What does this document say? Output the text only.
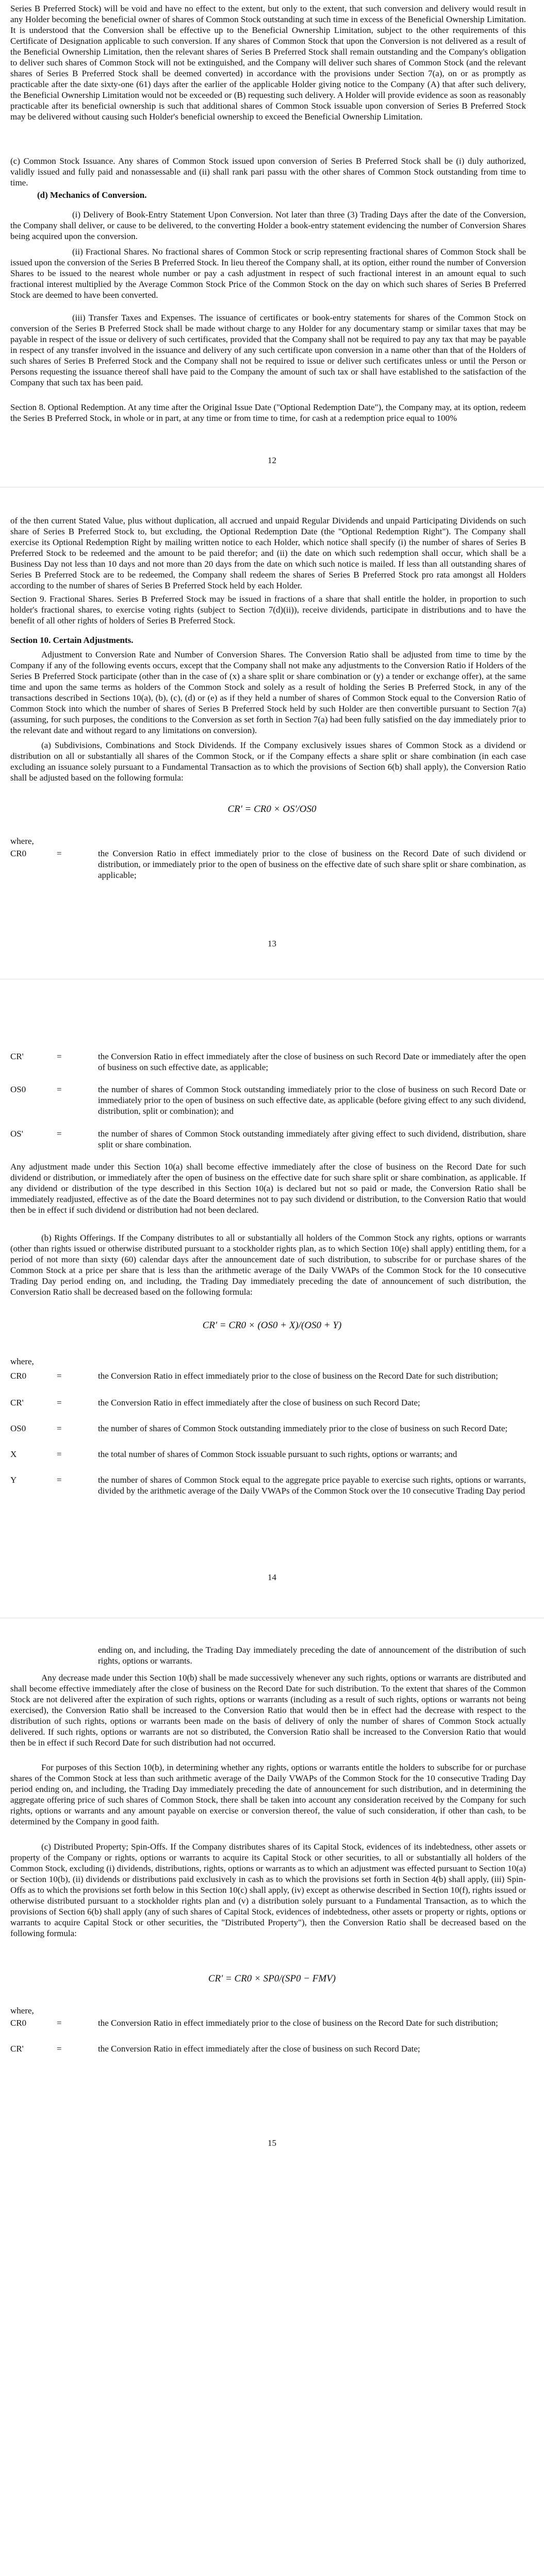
Series B Preferred Stock) will be void and have no effect to the extent, but only to the extent, that such conversion and delivery would result in any Holder becoming the beneficial owner of shares of Common Stock outstanding at such time in excess of the Beneficial Ownership Limitation. It is understood that the Conversion shall be effective up to the Beneficial Ownership Limitation, subject to the other requirements of this Certificate of Designation applicable to such conversion. If any shares of Common Stock that upon the Conversion is not delivered as a result of the Beneficial Ownership Limitation, then the relevant shares of Series B Preferred Stock shall remain outstanding and the Company's obligation to deliver such shares of Common Stock will not be extinguished, and the Company will deliver such shares of Common Stock (and the relevant shares of Series B Preferred Stock shall be deemed converted) in accordance with the provisions under Section 7(a), on or as promptly as practicable after the date sixty-one (61) days after the earlier of the applicable Holder giving notice to the Company (A) that after such delivery, the Beneficial Ownership Limitation would not be exceeded or (B) requesting such delivery. A Holder will provide evidence as soon as reasonably practicable after its beneficial ownership is such that additional shares of Common Stock issuable upon conversion of Series B Preferred Stock may be delivered without causing such Holder's beneficial ownership to exceed the Beneficial Ownership Limitation.

(c) Common Stock Issuance. Any shares of Common Stock issued upon conversion of Series B Preferred Stock shall be (i) duly authorized, validly issued and fully paid and nonassessable and (ii) shall rank pari passu with the other shares of Common Stock outstanding from time to time.

(d) Mechanics of Conversion.

(i) Delivery of Book-Entry Statement Upon Conversion. Not later than three (3) Trading Days after the date of the Conversion, the Company shall deliver, or cause to be delivered, to the converting Holder a book-entry statement evidencing the number of Conversion Shares being acquired upon the conversion.

(ii) Fractional Shares. No fractional shares of Common Stock or scrip representing fractional shares of Common Stock shall be issued upon the conversion of the Series B Preferred Stock. In lieu thereof the Company shall, at its option, either round the number of Conversion Shares to be issued to the nearest whole number or pay a cash adjustment in respect of such fractional interest in an amount equal to such fractional interest multiplied by the Average Common Stock Price of the Common Stock on the day on which such shares of Series B Preferred Stock are deemed to have been converted.

(iii) Transfer Taxes and Expenses. The issuance of certificates or book-entry statements for shares of the Common Stock on conversion of the Series B Preferred Stock shall be made without charge to any Holder for any documentary stamp or similar taxes that may be payable in respect of the issue or delivery of such certificates, provided that the Company shall not be required to pay any tax that may be payable in respect of any transfer involved in the issuance and delivery of any such certificate upon conversion in a name other than that of the Holders of such shares of Series B Preferred Stock and the Company shall not be required to issue or deliver such certificates unless or until the Person or Persons requesting the issuance thereof shall have paid to the Company the amount of such tax or shall have established to the satisfaction of the Company that such tax has been paid.

Section 8. Optional Redemption. At any time after the Original Issue Date ("Optional Redemption Date"), the Company may, at its option, redeem the Series B Preferred Stock, in whole or in part, at any time or from time to time, for cash at a redemption price equal to 100%

12

of the then current Stated Value, plus without duplication, all accrued and unpaid Regular Dividends and unpaid Participating Dividends on such share of Series B Preferred Stock to, but excluding, the Optional Redemption Date (the "Optional Redemption Right"). The Company shall exercise its Optional Redemption Right by mailing written notice to each Holder, which notice shall specify (i) the number of shares of Series B Preferred Stock to be redeemed and the amount to be paid therefor; and (ii) the date on which such redemption shall occur, which shall be a Business Day not less than 10 days and not more than 20 days from the date on which such notice is mailed. If less than all outstanding shares of Series B Preferred Stock are to be redeemed, the Company shall redeem the shares of Series B Preferred Stock pro rata amongst all Holders according to the number of shares of Series B Preferred Stock held by each Holder.

Section 9. Fractional Shares. Series B Preferred Stock may be issued in fractions of a share that shall entitle the holder, in proportion to such holder's fractional shares, to exercise voting rights (subject to Section 7(d)(ii)), receive dividends, participate in distributions and to have the benefit of all other rights of holders of Series B Preferred Stock.

Section 10. Certain Adjustments.

Adjustment to Conversion Rate and Number of Conversion Shares. The Conversion Ratio shall be adjusted from time to time by the Company if any of the following events occurs, except that the Company shall not make any adjustments to the Conversion Ratio if Holders of the Series B Preferred Stock participate (other than in the case of (x) a share split or share combination or (y) a tender or exchange offer), at the same time and upon the same terms as holders of the Common Stock and solely as a result of holding the Series B Preferred Stock, in any of the transactions described in Sections 10(a), (b), (c), (d) or (e) as if they held a number of shares of Common Stock equal to the Conversion Ratio of Common Stock into which the number of shares of Series B Preferred Stock held by such Holder are then convertible pursuant to Section 7(a) (assuming, for such purposes, the conditions to the Conversion as set forth in Section 7(a) had been fully satisfied on the day immediately prior to the relevant date and without regard to any limitations on conversion).

(a) Subdivisions, Combinations and Stock Dividends. If the Company exclusively issues shares of Common Stock as a dividend or distribution on all or substantially all shares of the Common Stock, or if the Company effects a share split or share combination (in each case excluding an issuance solely pursuant to a Fundamental Transaction as to which the provisions of Section 6(b) shall apply), the Conversion Ratio shall be adjusted based on the following formula:

CR' = CR0 × OS'/OS0

where,

CR0	=	the Conversion Ratio in effect immediately prior to the close of business on the Record Date of such dividend or distribution, or immediately prior to the open of business on the effective date of such share split or share combination, as applicable;
13
CR'	=	the Conversion Ratio in effect immediately after the close of business on such Record Date or immediately after the open of business on such effective date, as applicable;
OS0	=	the number of shares of Common Stock outstanding immediately prior to the close of business on such Record Date or immediately prior to the open of business on such effective date, as applicable (before giving effect to any such dividend, distribution, split or combination); and
OS'	=	the number of shares of Common Stock outstanding immediately after giving effect to such dividend, distribution, share split or share combination.

Any adjustment made under this Section 10(a) shall become effective immediately after the close of business on the Record Date for such dividend or distribution, or immediately after the open of business on the effective date for such share split or share combination, as applicable. If any dividend or distribution of the type described in this Section 10(a) is declared but not so paid or made, the Conversion Ratio shall be immediately readjusted, effective as of the date the Board determines not to pay such dividend or distribution, to the Conversion Ratio that would then be in effect if such dividend or distribution had not been declared.

(b) Rights Offerings. If the Company distributes to all or substantially all holders of the Common Stock any rights, options or warrants (other than rights issued or otherwise distributed pursuant to a stockholder rights plan, as to which Section 10(e) shall apply) entitling them, for a period of not more than sixty (60) calendar days after the announcement date of such distribution, to subscribe for or purchase shares of the Common Stock at a price per share that is less than the arithmetic average of the Daily VWAPs of the Common Stock for the 10 consecutive Trading Day period ending on, and including, the Trading Day immediately preceding the date of announcement of such distribution, the Conversion Ratio shall be decreased based on the following formula:

CR' = CR0 × (OS0 + X)/(OS0 + Y)

where,

CR0	=	the Conversion Ratio in effect immediately prior to the close of business on the Record Date for such distribution;
CR'	=	the Conversion Ratio in effect immediately after the close of business on such Record Date;
OS0	=	the number of shares of Common Stock outstanding immediately prior to the close of business on such Record Date;
X	=	the total number of shares of Common Stock issuable pursuant to such rights, options or warrants; and
Y	=	the number of shares of Common Stock equal to the aggregate price payable to exercise such rights, options or warrants, divided by the arithmetic average of the Daily VWAPs of the Common Stock over the 10 consecutive Trading Day period
14

ending on, and including, the Trading Day immediately preceding the date of announcement of the distribution of such rights, options or warrants.

Any decrease made under this Section 10(b) shall be made successively whenever any such rights, options or warrants are distributed and shall become effective immediately after the close of business on the Record Date for such distribution. To the extent that shares of the Common Stock are not delivered after the expiration of such rights, options or warrants (including as a result of such rights, options or warrants not being exercised), the Conversion Ratio shall be increased to the Conversion Ratio that would then be in effect had the decrease with respect to the distribution of such rights, options or warrants been made on the basis of delivery of only the number of shares of Common Stock actually delivered. If such rights, options or warrants are not so distributed, the Conversion Ratio shall be increased to the Conversion Ratio that would then be in effect if such Record Date for such distribution had not occurred.

For purposes of this Section 10(b), in determining whether any rights, options or warrants entitle the holders to subscribe for or purchase shares of the Common Stock at less than such arithmetic average of the Daily VWAPs of the Common Stock for the 10 consecutive Trading Day period ending on, and including, the Trading Day immediately preceding the date of announcement for such distribution, and in determining the aggregate offering price of such shares of Common Stock, there shall be taken into account any consideration received by the Company for such rights, options or warrants and any amount payable on exercise or conversion thereof, the value of such consideration, if other than cash, to be determined by the Company in good faith.

(c) Distributed Property; Spin-Offs. If the Company distributes shares of its Capital Stock, evidences of its indebtedness, other assets or property of the Company or rights, options or warrants to acquire its Capital Stock or other securities, to all or substantially all holders of the Common Stock, excluding (i) dividends, distributions, rights, options or warrants as to which an adjustment was effected pursuant to Section 10(a) or Section 10(b), (ii) dividends or distributions paid exclusively in cash as to which the provisions set forth in Section 4(b) shall apply, (iii) Spin-Offs as to which the provisions set forth below in this Section 10(c) shall apply, (iv) except as otherwise described in Section 10(f), rights issued or otherwise distributed pursuant to a stockholder rights plan and (v) a distribution solely pursuant to a Fundamental Transaction, as to which the provisions of Section 6(b) shall apply (any of such shares of Capital Stock, evidences of indebtedness, other assets or property or rights, options or warrants to acquire Capital Stock or other securities, the "Distributed Property"), then the Conversion Ratio shall be decreased based on the following formula:

CR' = CR0 × SP0/(SP0 − FMV)

where,

CR0	=	the Conversion Ratio in effect immediately prior to the close of business on the Record Date for such distribution;
CR'	=	the Conversion Ratio in effect immediately after the close of business on such Record Date;
15
